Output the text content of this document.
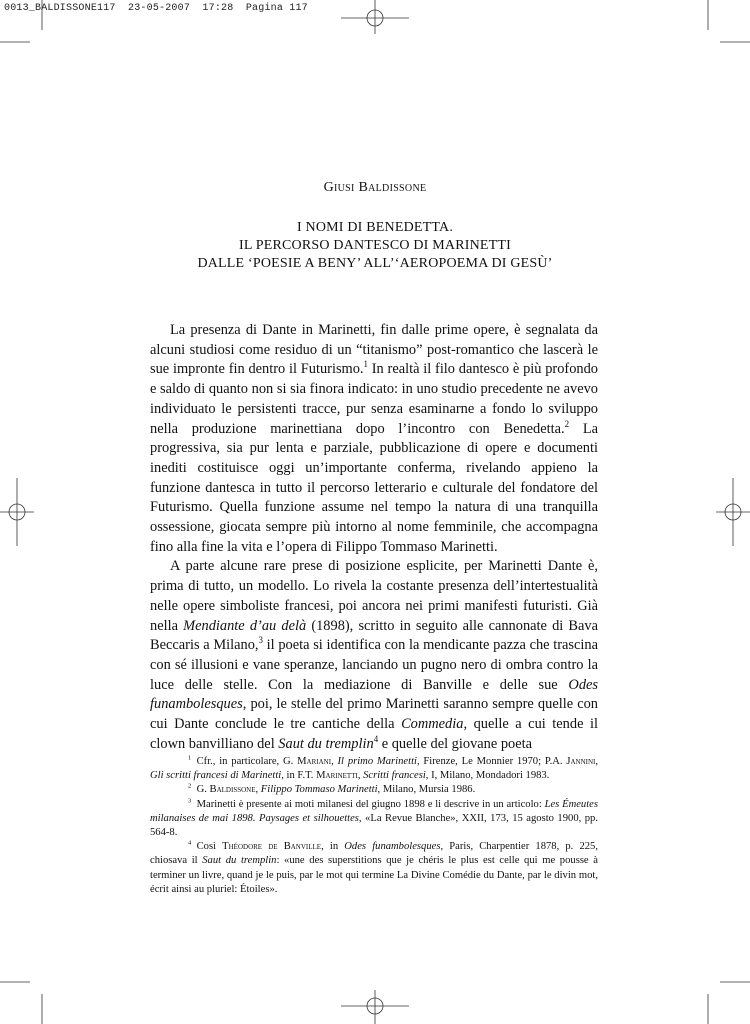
0013_BALDISSONE117  23-05-2007  17:28  Pagina 117
Giusi Baldissone
I NOMI DI BENEDETTA.
IL PERCORSO DANTESCO DI MARINETTI
DALLE ‘POESIE A BENY’ ALL’‘AEROPOEMA DI GESÙ’

La presenza di Dante in Marinetti, fin dalle prime opere, è segnalata da alcuni studiosi come residuo di un “titanismo” post-romantico che lascerà le sue impronte fin dentro il Futurismo.$^1$ In realtà il filo dantesco è più profondo e saldo di quanto non si sia finora indicato: in uno studio precedente ne avevo individuato le persistenti tracce, pur senza esaminarne a fondo lo sviluppo nella produzione marinettiana dopo l’incontro con Benedetta.$^2$ La progressiva, sia pur lenta e parziale, pubblicazione di opere e documenti inediti costituisce oggi un’importante conferma, rivelando appieno la funzione dantesca in tutto il percorso letterario e culturale del fondatore del Futurismo. Quella funzione assume nel tempo la natura di una tranquilla ossessione, giocata sempre più intorno al nome femminile, che accompagna fino alla fine la vita e l’opera di Filippo Tommaso Marinetti.

A parte alcune rare prese di posizione esplicite, per Marinetti Dante è, prima di tutto, un modello. Lo rivela la costante presenza dell’intertestualità nelle opere simboliste francesi, poi ancora nei primi manifesti futuristi. Già nella Mendiante d’au delà (1898), scritto in seguito alle cannonate di Bava Beccaris a Milano,$^3$ il poeta si identifica con la mendicante pazza che trascina con sé illusioni e vane speranze, lanciando un pugno nero di ombra contro la luce delle stelle. Con la mediazione di Banville e delle sue Odes funambolesques, poi, le stelle del primo Marinetti saranno sempre quelle con cui Dante conclude le tre cantiche della Commedia, quelle a cui tende il clown banvilliano del Saut du tremplin$^4$ e quelle del giovane poeta

$^1$  Cfr., in particolare, G. Mariani, Il primo Marinetti, Firenze, Le Monnier 1970; P.A. Jannini, Gli scritti francesi di Marinetti, in F.T. Marinetti, Scritti francesi, I, Milano, Mondadori 1983.

$^2$  G. Baldissone, Filippo Tommaso Marinetti, Milano, Mursia 1986.

$^3$  Marinetti è presente ai moti milanesi del giugno 1898 e li descrive in un articolo: Les Émeutes milanaises de mai 1898. Paysages et silhouettes, «La Revue Blanche», XXII, 173, 15 agosto 1900, pp. 564-8.

$^4$  Così Théodore de Banville, in Odes funambolesques, Paris, Charpentier 1878, p. 225, chiosava il Saut du tremplin: «une des superstitions que je chéris le plus est celle qui me pousse à terminer un livre, quand je le puis, par le mot qui termine La Divine Comédie du Dante, par le divin mot, écrit ainsi au pluriel: Étoiles».
